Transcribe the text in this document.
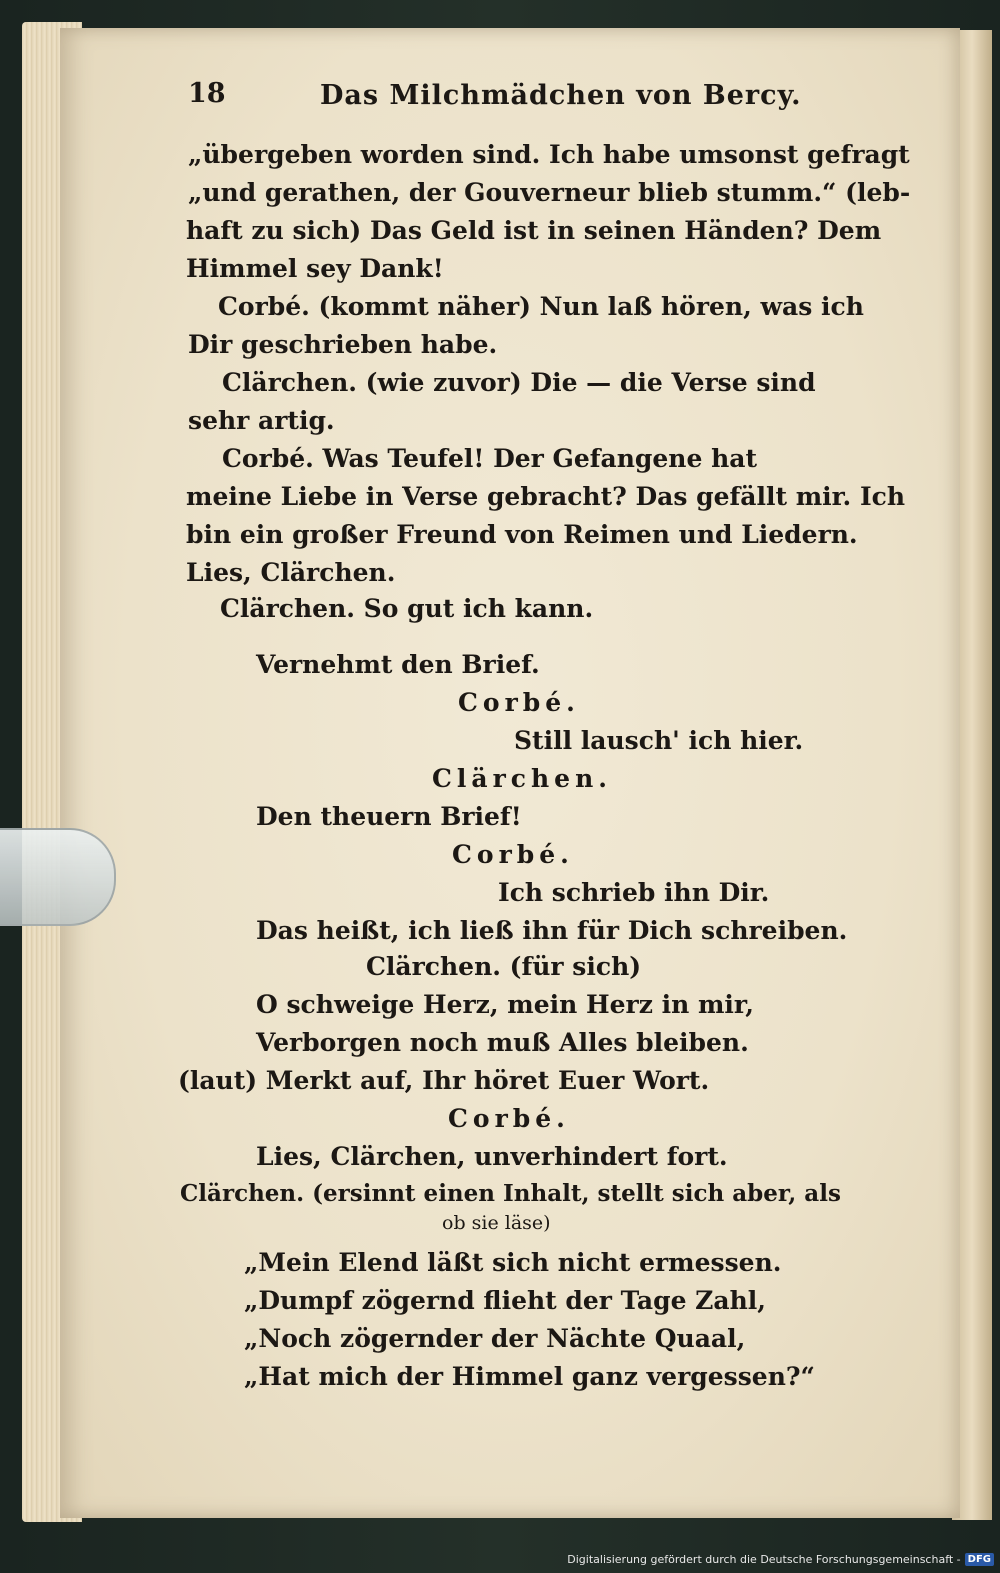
18	Das Milchmädchen von Bercy.
„übergeben worden sind. Ich habe umsonst gefragt
„und gerathen, der Gouverneur blieb stumm.“ (leb-
haft zu sich) Das Geld ist in seinen Händen? Dem
Himmel sey Dank!
Corbé. (kommt näher) Nun laß hören, was ich
Dir geschrieben habe.
Clärchen. (wie zuvor) Die — die Verse sind
sehr artig.
Corbé. Was Teufel! Der Gefangene hat
meine Liebe in Verse gebracht? Das gefällt mir. Ich
bin ein großer Freund von Reimen und Liedern.
Lies, Clärchen.
Clärchen. So gut ich kann.
Vernehmt den Brief.
Corbé.
Still lausch' ich hier.
Clärchen.
Den theuern Brief!
Corbé.
Ich schrieb ihn Dir.
Das heißt, ich ließ ihn für Dich schreiben.
Clärchen. (für sich)
O schweige Herz, mein Herz in mir,
Verborgen noch muß Alles bleiben.
(laut) Merkt auf, Ihr höret Euer Wort.
Corbé.
Lies, Clärchen, unverhindert fort.
Clärchen. (ersinnt einen Inhalt, stellt sich aber, als
ob sie läse)
„Mein Elend läßt sich nicht ermessen.
„Dumpf zögernd flieht der Tage Zahl,
„Noch zögernder der Nächte Quaal,
„Hat mich der Himmel ganz vergessen?“
Digitalisierung gefördert durch die Deutsche Forschungsgemeinschaft - DFG
